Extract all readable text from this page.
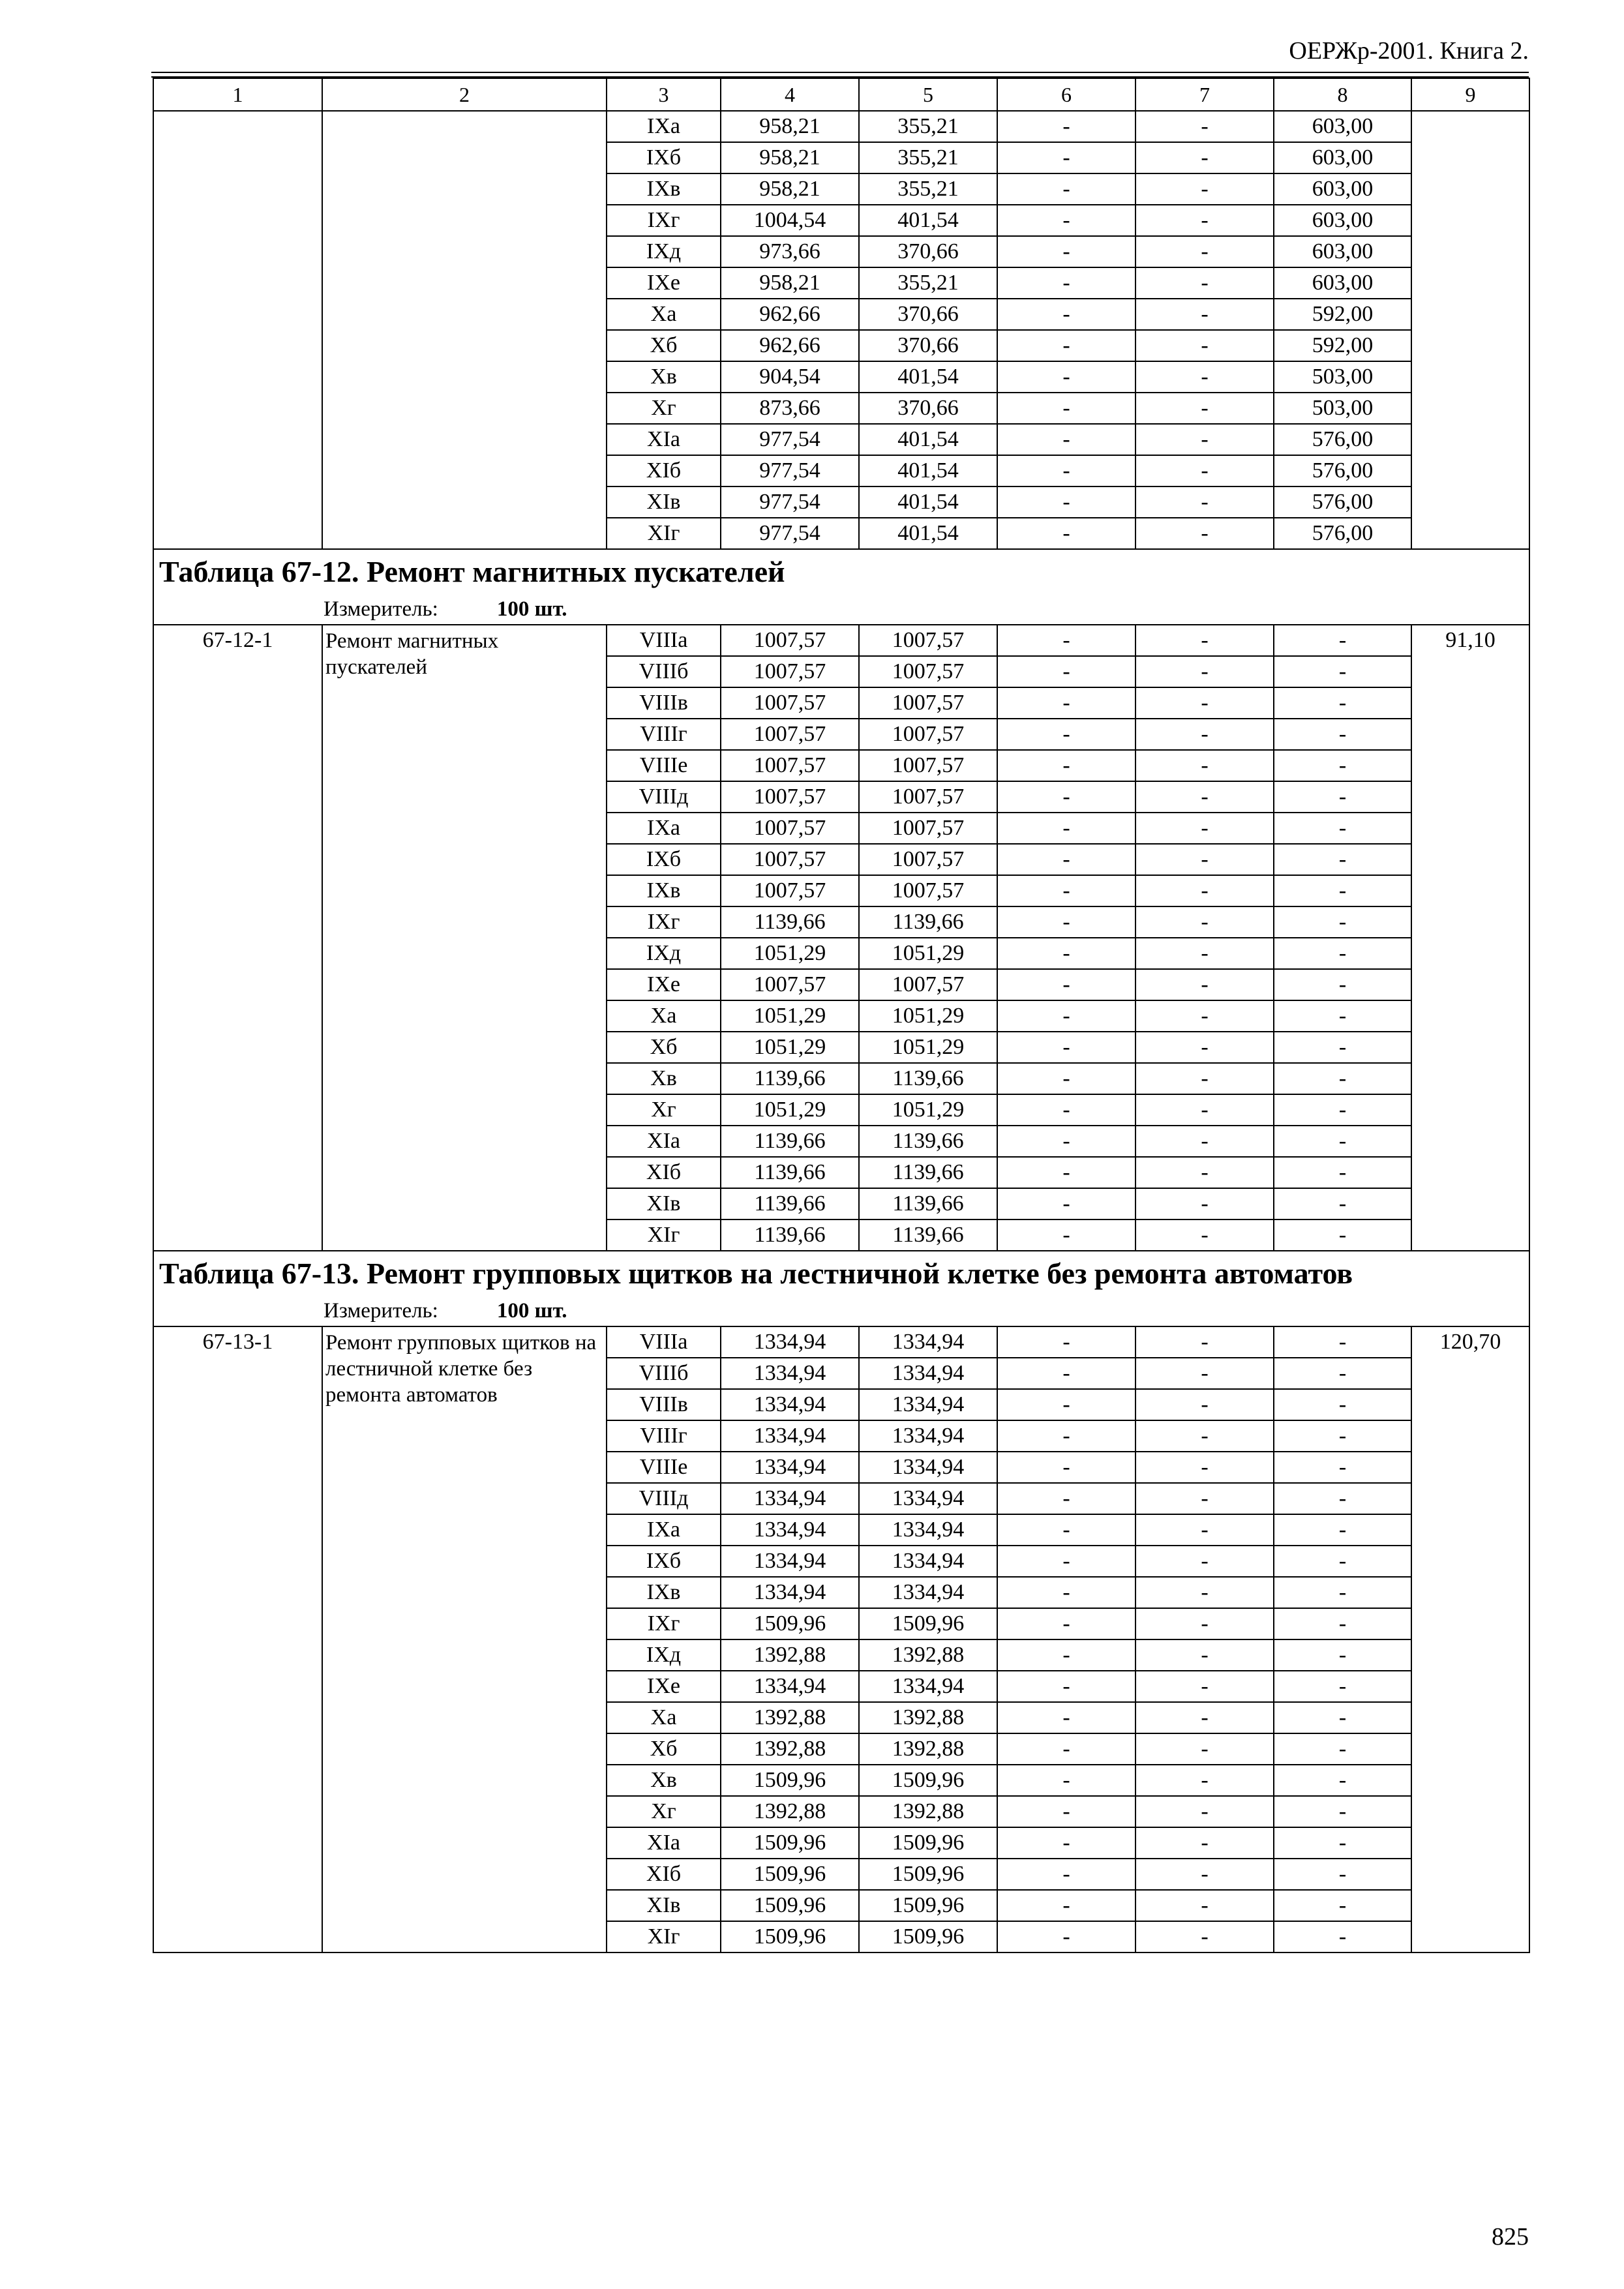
ОЕРЖр-2001. Книга 2.
1	2	3	4	5	6	7	8	9
		IXа	958,21	355,21	-	-	603,00	
		IXб	958,21	355,21	-	-	603,00	
		IXв	958,21	355,21	-	-	603,00	
		IXг	1004,54	401,54	-	-	603,00	
		IXд	973,66	370,66	-	-	603,00	
		IXе	958,21	355,21	-	-	603,00	
		Xа	962,66	370,66	-	-	592,00	
		Xб	962,66	370,66	-	-	592,00	
		Xв	904,54	401,54	-	-	503,00	
		Xг	873,66	370,66	-	-	503,00	
		XIа	977,54	401,54	-	-	576,00	
		XIб	977,54	401,54	-	-	576,00	
		XIв	977,54	401,54	-	-	576,00	
		XIг	977,54	401,54	-	-	576,00	
Таблица 67-12. Ремонт магнитных пускателей								
Измеритель: 100 шт.								
67-12-1	Ремонт магнитных пускателей	VIIIа	1007,57	1007,57	-	-	-	91,10
		VIIIб	1007,57	1007,57	-	-	-	
		VIIIв	1007,57	1007,57	-	-	-	
		VIIIг	1007,57	1007,57	-	-	-	
		VIIIе	1007,57	1007,57	-	-	-	
		VIIIд	1007,57	1007,57	-	-	-	
		IXа	1007,57	1007,57	-	-	-	
		IXб	1007,57	1007,57	-	-	-	
		IXв	1007,57	1007,57	-	-	-	
		IXг	1139,66	1139,66	-	-	-	
		IXд	1051,29	1051,29	-	-	-	
		IXе	1007,57	1007,57	-	-	-	
		Xа	1051,29	1051,29	-	-	-	
		Xб	1051,29	1051,29	-	-	-	
		Xв	1139,66	1139,66	-	-	-	
		Xг	1051,29	1051,29	-	-	-	
		XIа	1139,66	1139,66	-	-	-	
		XIб	1139,66	1139,66	-	-	-	
		XIв	1139,66	1139,66	-	-	-	
		XIг	1139,66	1139,66	-	-	-	
Таблица 67-13. Ремонт групповых щитков на лестничной клетке без ремонта автоматов								
Измеритель: 100 шт.								
67-13-1	Ремонт групповых щитков на лестничной клетке без ремонта автоматов	VIIIа	1334,94	1334,94	-	-	-	120,70
		VIIIб	1334,94	1334,94	-	-	-	
		VIIIв	1334,94	1334,94	-	-	-	
		VIIIг	1334,94	1334,94	-	-	-	
		VIIIе	1334,94	1334,94	-	-	-	
		VIIIд	1334,94	1334,94	-	-	-	
		IXа	1334,94	1334,94	-	-	-	
		IXб	1334,94	1334,94	-	-	-	
		IXв	1334,94	1334,94	-	-	-	
		IXг	1509,96	1509,96	-	-	-	
		IXд	1392,88	1392,88	-	-	-	
		IXе	1334,94	1334,94	-	-	-	
		Xа	1392,88	1392,88	-	-	-	
		Xб	1392,88	1392,88	-	-	-	
		Xв	1509,96	1509,96	-	-	-	
		Xг	1392,88	1392,88	-	-	-	
		XIа	1509,96	1509,96	-	-	-	
		XIб	1509,96	1509,96	-	-	-	
		XIв	1509,96	1509,96	-	-	-	
		XIг	1509,96	1509,96	-	-	-	
825
